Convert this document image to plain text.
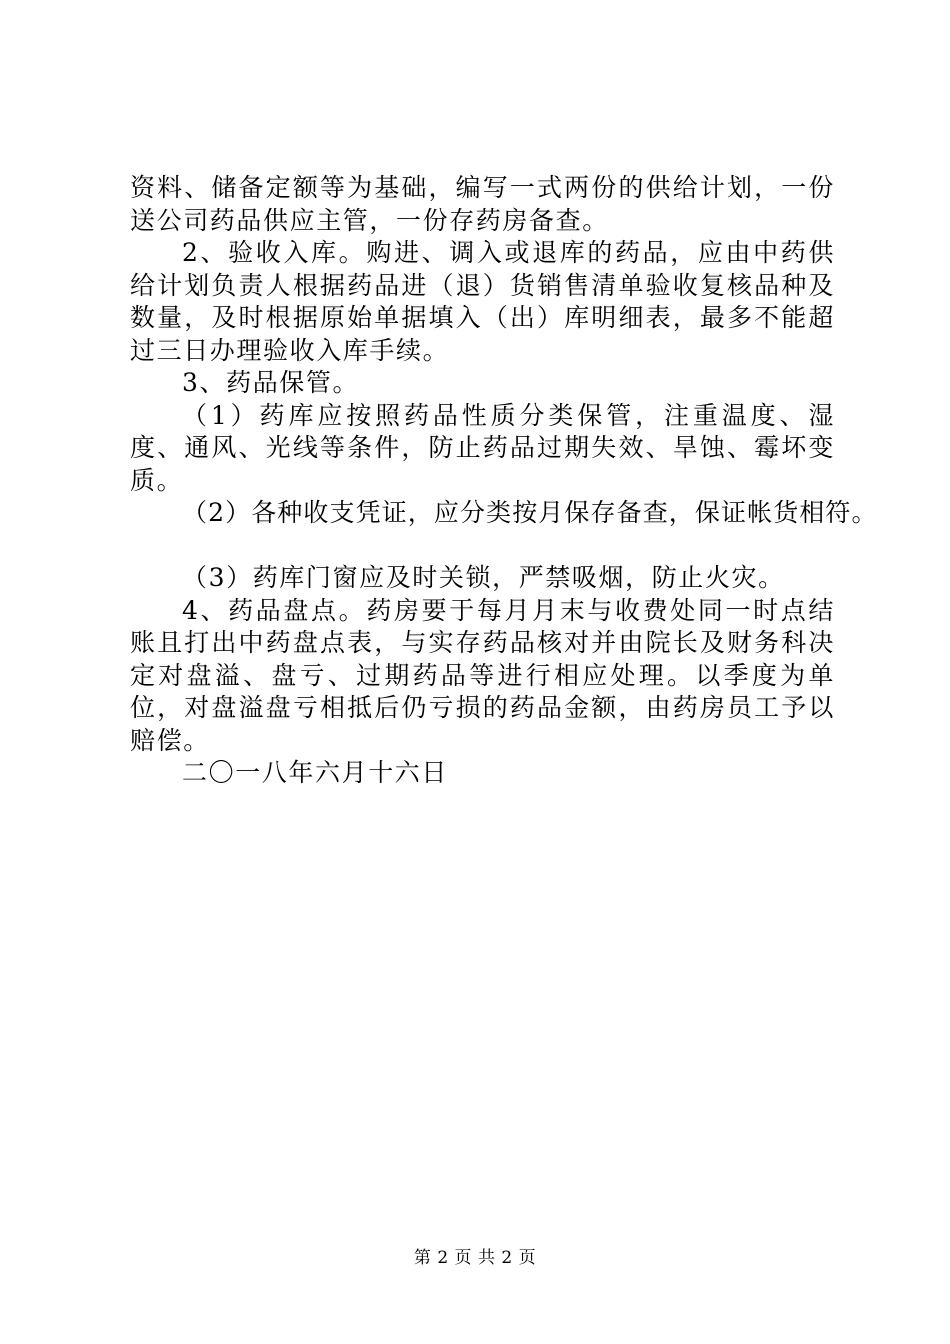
资料、储备定额等为基础，编写一式两份的供给计划，一份送公司药品供应主管，一份存药房备查。

2、验收入库。购进、调入或退库的药品，应由中药供给计划负责人根据药品进（退）货销售清单验收复核品种及数量，及时根据原始单据填入（出）库明细表，最多不能超过三日办理验收入库手续。

3、药品保管。

（1）药库应按照药品性质分类保管，注重温度、湿度、通风、光线等条件，防止药品过期失效、旱蚀、霉坏变质。

（2）各种收支凭证，应分类按月保存备查，保证帐货相符。

（3）药库门窗应及时关锁，严禁吸烟，防止火灾。

4、药品盘点。药房要于每月月末与收费处同一时点结账且打出中药盘点表，与实存药品核对并由院长及财务科决定对盘溢、盘亏、过期药品等进行相应处理。以季度为单位，对盘溢盘亏相抵后仍亏损的药品金额，由药房员工予以赔偿。

二〇一八年六月十六日

第 2 页 共 2 页
